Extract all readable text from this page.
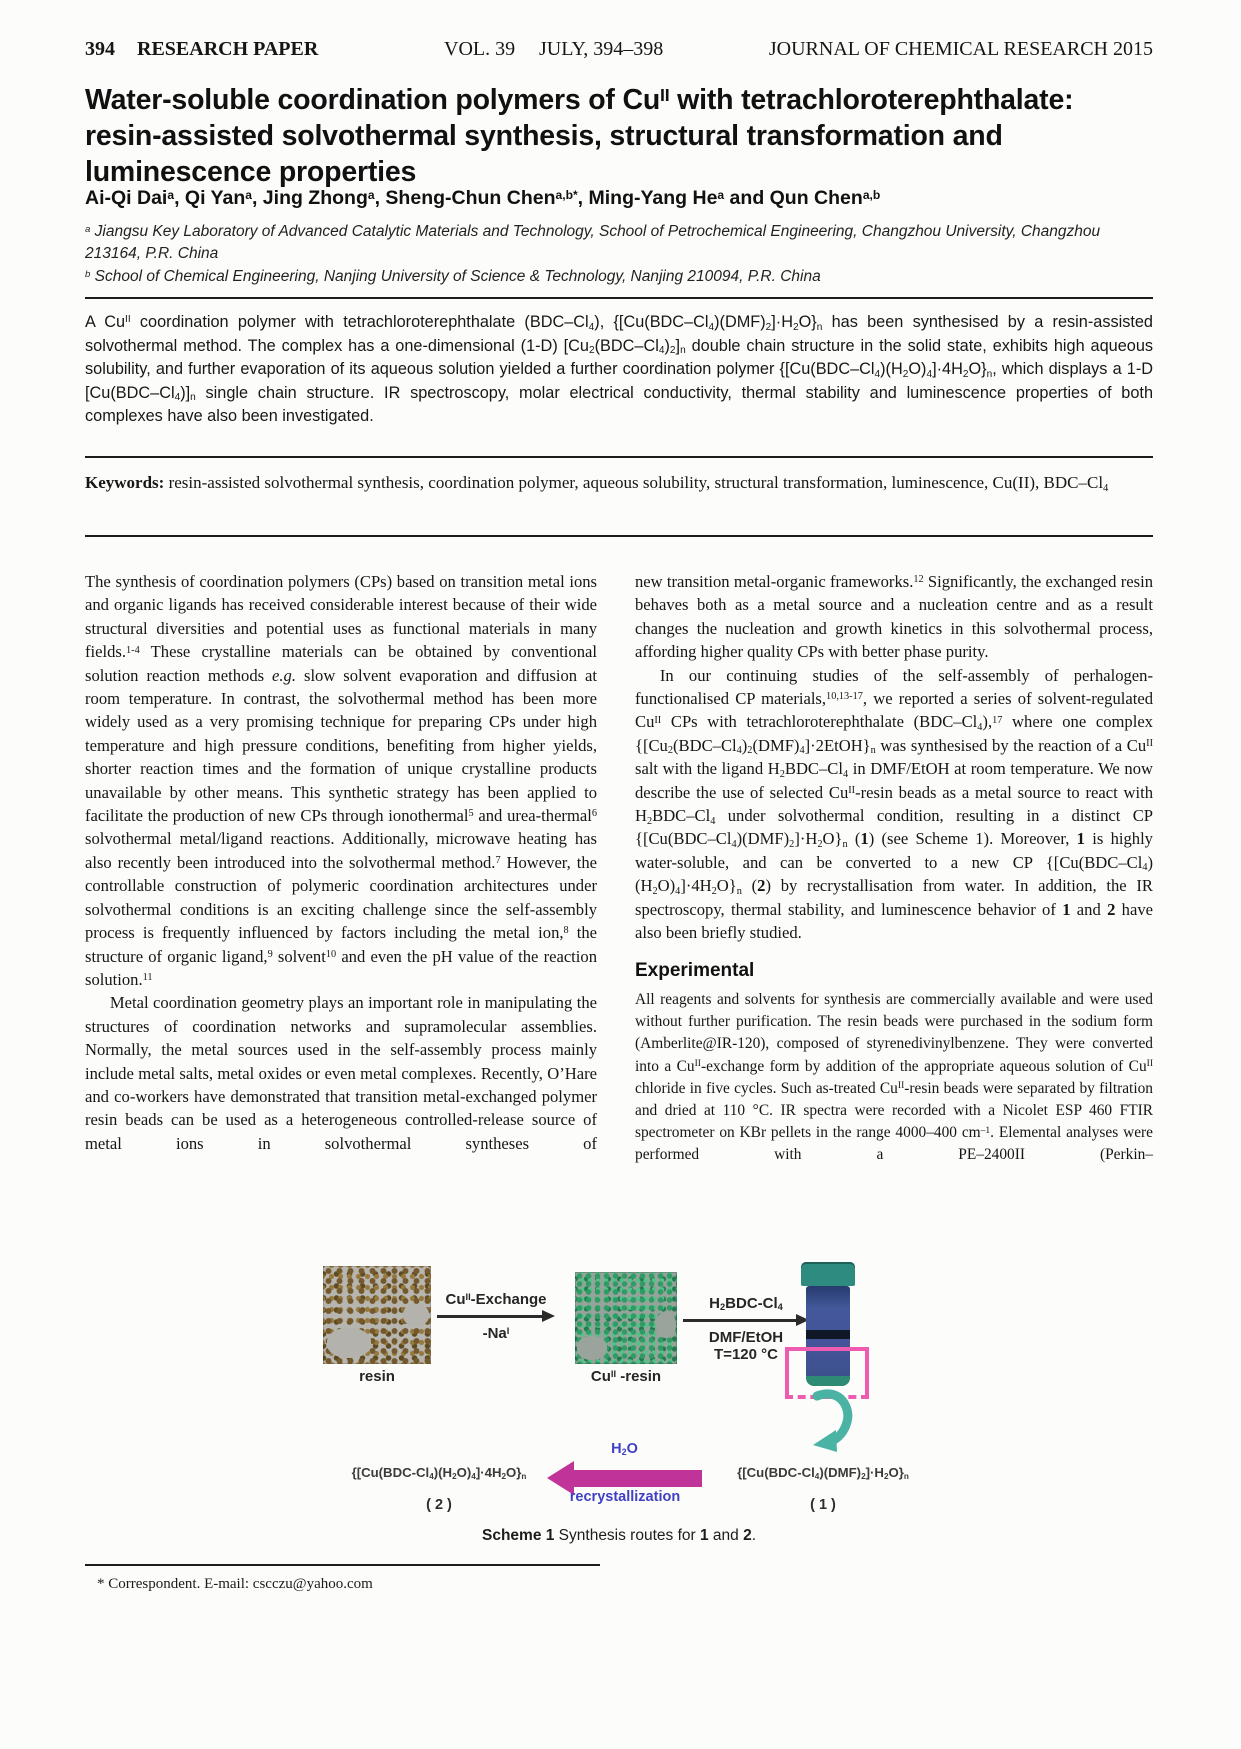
394 RESEARCH PAPER	VOL. 39 JULY, 394–398	JOURNAL OF CHEMICAL RESEARCH 2015
Water-soluble coordination polymers of $Cu^{II}$ with tetrachloroterephthalate: resin-assisted solvothermal synthesis, structural transformation and luminescence properties
Ai-Qi Dai$^a$, Qi Yan$^a$, Jing Zhong$^a$, Sheng-Chun Chen$^{a,b*}$, Ming-Yang He$^a$ and Qun Chen$^{a,b}$

$^a$ Jiangsu Key Laboratory of Advanced Catalytic Materials and Technology, School of Petrochemical Engineering, Changzhou University, Changzhou 213164, P.R. China

$^b$ School of Chemical Engineering, Nanjing University of Science & Technology, Nanjing 210094, P.R. China

A $Cu^{II}$ coordination polymer with tetrachloroterephthalate $(BDC-Cl_4)$, $\{[Cu(BDC-Cl_4)(DMF)_2]\cdot H_2O\}_n$ has been synthesised by a resin-assisted solvothermal method. The complex has a one-dimensional (1-D) $[Cu_2(BDC-Cl_4)_2]_n$ double chain structure in the solid state, exhibits high aqueous solubility, and further evaporation of its aqueous solution yielded a further coordination polymer $\{[Cu(BDC-Cl_4)(H_2O)_4]\cdot 4H_2O\}_n$, which displays a 1-D $[Cu(BDC-Cl_4)]_n$ single chain structure. IR spectroscopy, molar electrical conductivity, thermal stability and luminescence properties of both complexes have also been investigated.
Keywords: resin-assisted solvothermal synthesis, coordination polymer, aqueous solubility, structural transformation, luminescence, Cu(II), BDC–$Cl_4$

The synthesis of coordination polymers (CPs) based on transition metal ions and organic ligands has received considerable interest because of their wide structural diversities and potential uses as functional materials in many fields.$^{1-4}$ These crystalline materials can be obtained by conventional solution reaction methods e.g. slow solvent evaporation and diffusion at room temperature. In contrast, the solvothermal method has been more widely used as a very promising technique for preparing CPs under high temperature and high pressure conditions, benefiting from higher yields, shorter reaction times and the formation of unique crystalline products unavailable by other means. This synthetic strategy has been applied to facilitate the production of new CPs through ionothermal$^5$ and urea-thermal$^6$ solvothermal metal/ligand reactions. Additionally, microwave heating has also recently been introduced into the solvothermal method.$^7$ However, the controllable construction of polymeric coordination architectures under solvothermal conditions is an exciting challenge since the self-assembly process is frequently influenced by factors including the metal ion,$^8$ the structure of organic ligand,$^9$ solvent$^{10}$ and even the pH value of the reaction solution.$^{11}$

Metal coordination geometry plays an important role in manipulating the structures of coordination networks and supramolecular assemblies. Normally, the metal sources used in the self-assembly process mainly include metal salts, metal oxides or even metal complexes. Recently, O’Hare and co-workers have demonstrated that transition metal-exchanged polymer resin beads can be used as a heterogeneous controlled-release source of metal ions in solvothermal syntheses of

new transition metal-organic frameworks.$^{12}$ Significantly, the exchanged resin behaves both as a metal source and a nucleation centre and as a result changes the nucleation and growth kinetics in this solvothermal process, affording higher quality CPs with better phase purity.

In our continuing studies of the self-assembly of perhalogen-functionalised CP materials,$^{10,13-17}$, we reported a series of solvent-regulated $Cu^{II}$ CPs with tetrachloroterephthalate $(BDC-Cl_4),^{17}$ where one complex $\{[Cu_2(BDC-Cl_4)_2(DMF)_4]\cdot 2EtOH\}_n$ was synthesised by the reaction of a $Cu^{II}$ salt with the ligand $H_2BDC-Cl_4$ in DMF/EtOH at room temperature. We now describe the use of selected $Cu^{II}$-resin beads as a metal source to react with $H_2BDC-Cl_4$ under solvothermal condition, resulting in a distinct CP $\{[Cu(BDC-Cl_4)(DMF)_2]\cdot H_2O\}_n$ (1) (see Scheme 1). Moreover, 1 is highly water-soluble, and can be converted to a new CP $\{[Cu(BDC-Cl_4)(H_2O)_4]\cdot 4H_2O\}_n$ (2) by recrystallisation from water. In addition, the IR spectroscopy, thermal stability, and luminescence behavior of 1 and 2 have also been briefly studied.

Experimental

All reagents and solvents for synthesis are commercially available and were used without further purification. The resin beads were purchased in the sodium form (Amberlite@IR-120), composed of styrenedivinylbenzene. They were converted into a $Cu^{II}$-exchange form by addition of the appropriate aqueous solution of $Cu^{II}$ chloride in five cycles. Such as-treated $Cu^{II}$-resin beads were separated by filtration and dried at 110 °C. IR spectra were recorded with a Nicolet ESP 460 FTIR spectrometer on KBr pellets in the range 4000–400 $cm^{-1}$. Elemental analyses were performed with a PE–2400II (Perkin–

resin
$Cu^{II}$-Exchange
$-Na^I$
$Cu^{II}$ -resin
$H_2BDC-Cl_4$
DMF/EtOH
T=120 °C
$\{[Cu(BDC-Cl_4)(H_2O)_4]\cdot 4H_2O\}_n$
( 2 )
$H_2O$
recrystallization
$\{[Cu(BDC-Cl_4)(DMF)_2]\cdot H_2O\}_n$
( 1 )
Scheme 1 Synthesis routes for 1 and 2.

* Correspondent. E-mail: cscczu@yahoo.com
